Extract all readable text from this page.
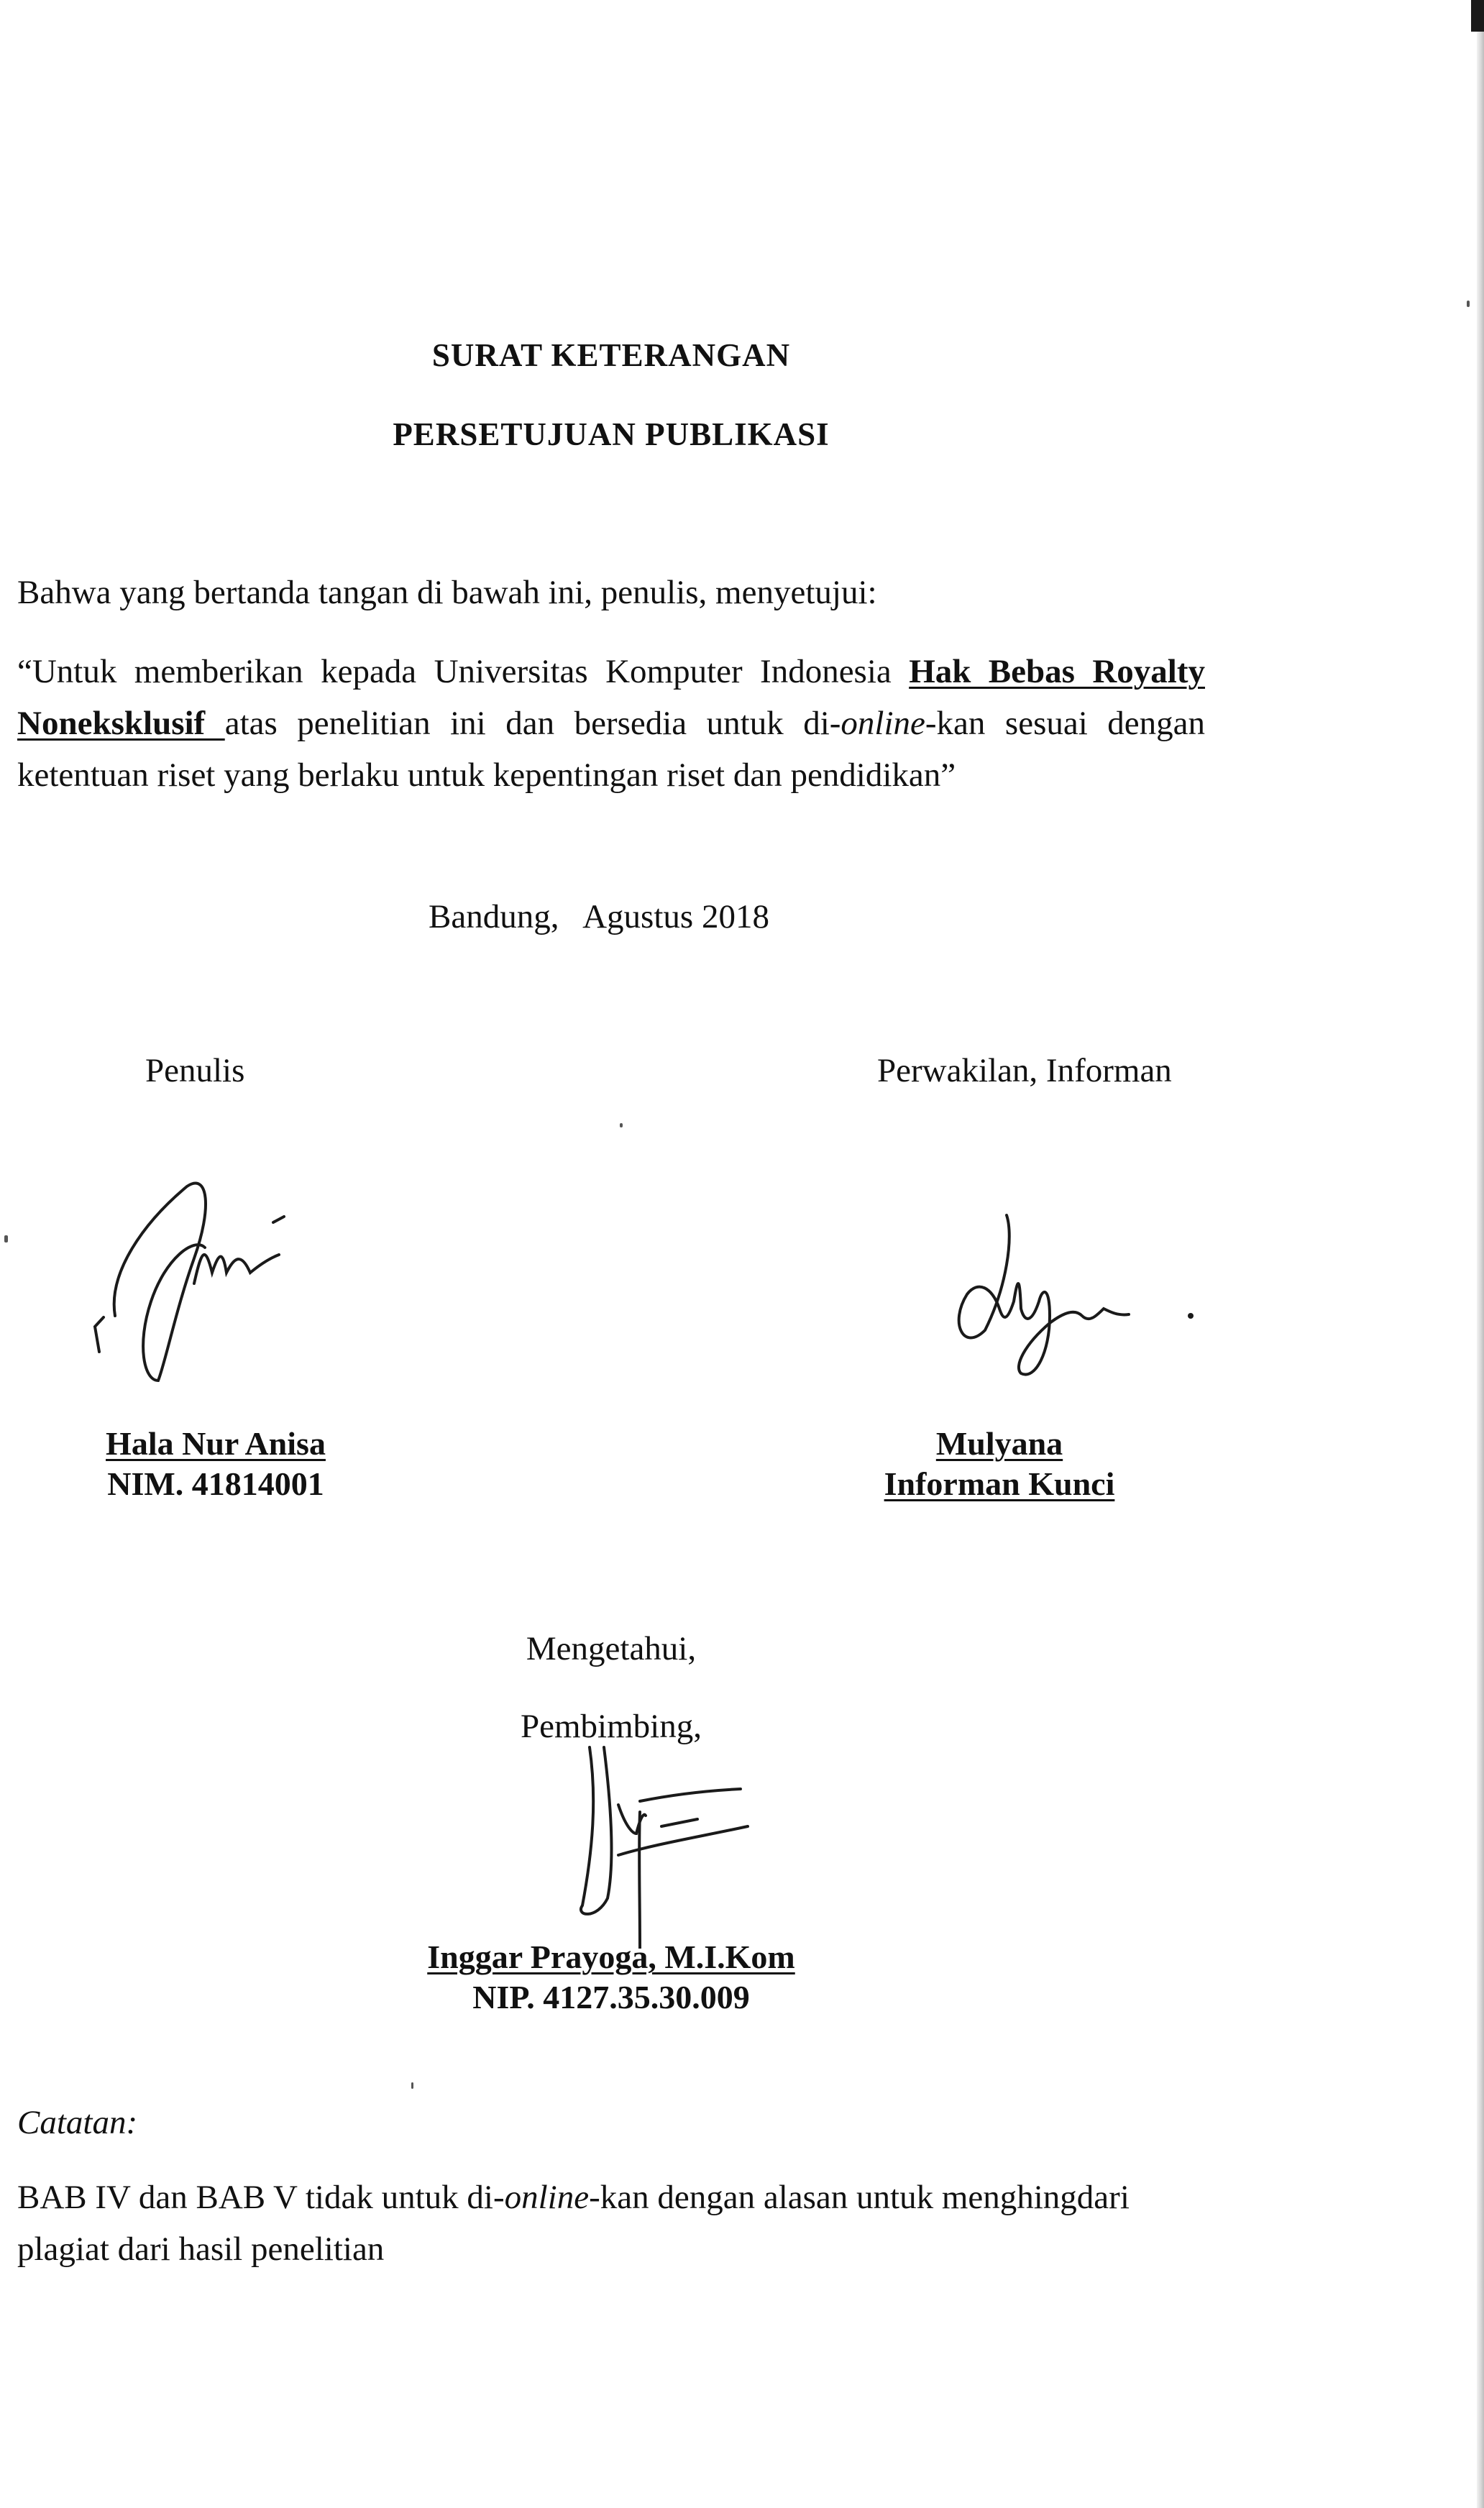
SURAT KETERANGAN
PERSETUJUAN PUBLIKASI
Bahwa yang bertanda tangan di bawah ini, penulis, menyetujui:
“Untuk memberikan kepada Universitas Komputer Indonesia Hak Bebas Royalty Noneksklusif atas penelitian ini dan bersedia untuk di-online-kan sesuai dengan ketentuan riset yang berlaku untuk kepentingan riset dan pendidikan”
Bandung,   Agustus 2018
Penulis	Perwakilan, Informan
Hala Nur Anisa
NIM. 41814001
Mulyana
Informan Kunci
Mengetahui,
Pembimbing,
Inggar Prayoga, M.I.Kom
NIP. 4127.35.30.009
Catatan:
BAB IV dan BAB V tidak untuk di-online-kan dengan alasan untuk menghingdari plagiat dari hasil penelitian
